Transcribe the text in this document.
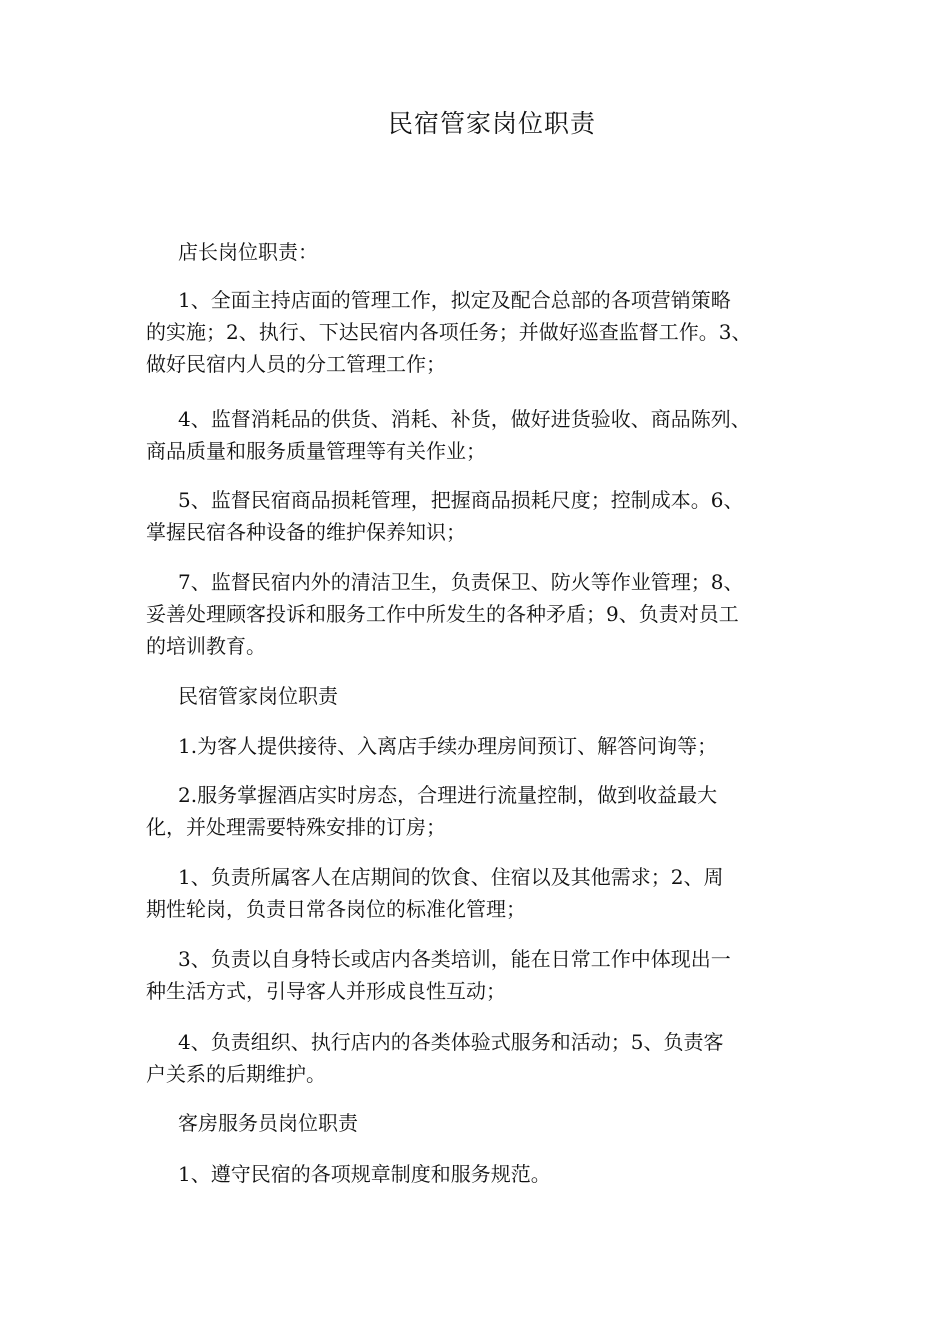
民宿管家岗位职责
店长岗位职责：
1、全面主持店面的管理工作，拟定及配合总部的各项营销策略
的实施；2、执行、下达民宿内各项任务；并做好巡查监督工作。3、
做好民宿内人员的分工管理工作；
4、监督消耗品的供货、消耗、补货，做好进货验收、商品陈列、
商品质量和服务质量管理等有关作业；
5、监督民宿商品损耗管理，把握商品损耗尺度；控制成本。6、
掌握民宿各种设备的维护保养知识；
7、监督民宿内外的清洁卫生，负责保卫、防火等作业管理；8、
妥善处理顾客投诉和服务工作中所发生的各种矛盾；9、负责对员工
的培训教育。
民宿管家岗位职责
1.为客人提供接待、入离店手续办理房间预订、解答问询等；
2.服务掌握酒店实时房态，合理进行流量控制，做到收益最大
化，并处理需要特殊安排的订房；
1、负责所属客人在店期间的饮食、住宿以及其他需求；2、周
期性轮岗，负责日常各岗位的标准化管理；
3、负责以自身特长或店内各类培训，能在日常工作中体现出一
种生活方式，引导客人并形成良性互动；
4、负责组织、执行店内的各类体验式服务和活动；5、负责客
户关系的后期维护。
客房服务员岗位职责
1、遵守民宿的各项规章制度和服务规范。
